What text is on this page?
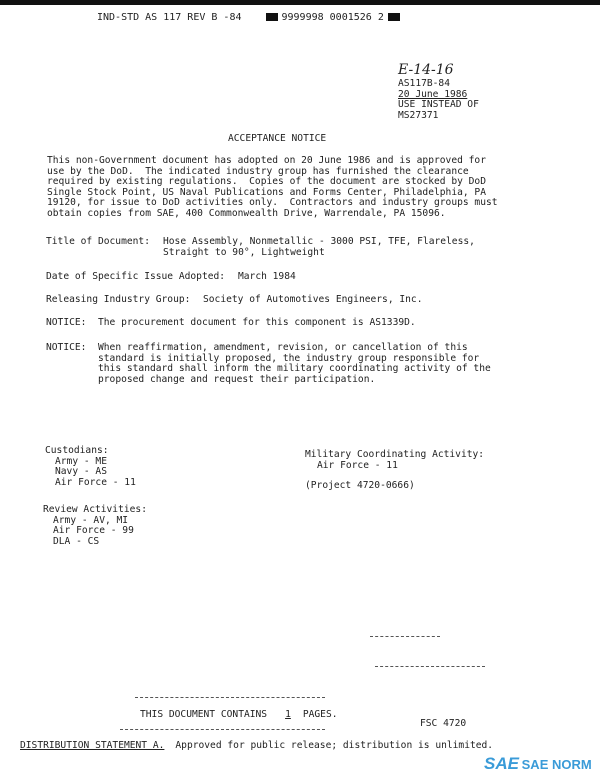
IND-STD AS 117 REV B -84	9999998 0001526 2
E-14-16
AS117B-84
20 June 1986
USE INSTEAD OF
MS27371
ACCEPTANCE NOTICE
This non-Government document has adopted on 20 June 1986 and is approved for
use by the DoD.  The indicated industry group has furnished the clearance
required by existing regulations.  Copies of the document are stocked by DoD
Single Stock Point, US Naval Publications and Forms Center, Philadelphia, PA
19120, for issue to DoD activities only.  Contractors and industry groups must
obtain copies from SAE, 400 Commonwealth Drive, Warrendale, PA 15096.
Title of Document: Hose Assembly, Nonmetallic - 3000 PSI, TFE, Flareless,
Straight to 90°, Lightweight
Date of Specific Issue Adopted: March 1984
Releasing Industry Group: Society of Automotives Engineers, Inc.
NOTICE: The procurement document for this component is AS1339D.
NOTICE: When reaffirmation, amendment, revision, or cancellation of this
standard is initially proposed, the industry group responsible for
this standard shall inform the military coordinating activity of the
proposed change and request their participation.
Custodians:
Army - ME
Navy - AS
Air Force - 11
Military Coordinating Activity:
Air Force - 11
(Project 4720-0666)
Review Activities:
Army - AV, MI
Air Force - 99
DLA - CS
THIS DOCUMENT CONTAINS 1 PAGES.
FSC 4720
DISTRIBUTION STATEMENT A. Approved for public release; distribution is unlimited.
SAE SAE NORM
